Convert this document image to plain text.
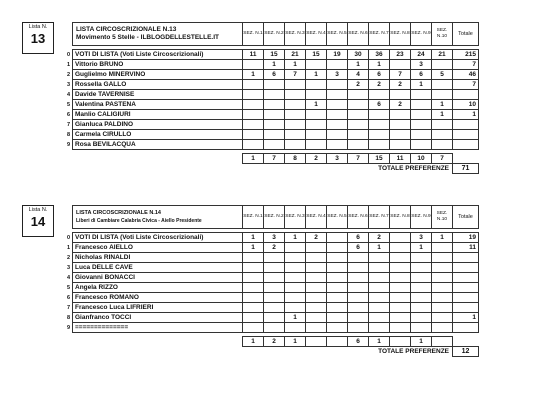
Lista N.
13

	LISTA CIRCOSCRIZIONALE N.13
Movimento 5 Stelle - ILBLOGDELLESTELLE.IT	SEZ. N.1	SEZ. N.2	SEZ. N.3	SEZ. N.4	SEZ. N.5	SEZ. N.6	SEZ. N.7	SEZ. N.8	SEZ. N.9	SEZ. N.10	Totale

0	VOTI DI LISTA (Voti Liste Circoscrizionali)	11	15	21	15	19	30	36	23	24	21	215
1	Vittorio BRUNO		1	1			1	1		3		7
2	Guglielmo MINERVINO	1	6	7	1	3	4	6	7	6	5	46
3	Rossella GALLO						2	2	2	1		7
4	Davide TAVERNISE											
5	Valentina PASTENA				1			6	2		1	10
6	Manlio CALIGIURI										1	1
7	Gianluca PALDINO											
8	Carmela CIRULLO											
9	Rosa BEVILACQUA											

		1	7	8	2	3	7	15	11	10	7	
		TOTALE PREFERENZE										71
Lista N.
14

	LISTA CIRCOSCRIZIONALE N.14
Liberi di Cambiare Calabria Civica - Aiello Presidente	SEZ. N.1	SEZ. N.2	SEZ. N.3	SEZ. N.4	SEZ. N.5	SEZ. N.6	SEZ. N.7	SEZ. N.8	SEZ. N.9	SEZ. N.10	Totale

0	VOTI DI LISTA (Voti Liste Circoscrizionali)	1	3	1	2		6	2		3	1	19
1	Francesco AIELLO	1	2				6	1		1		11
2	Nicholas RINALDI											
3	Luca DELLE CAVE											
4	Giovanni BONACCI											
5	Angela RIZZO											
6	Francesco ROMANO											
7	Francesco Luca LIFRIERI											
8	Gianfranco TOCCI			1								1
9	==============											

		1	2	1			6	1		1		
		TOTALE PREFERENZE										12
